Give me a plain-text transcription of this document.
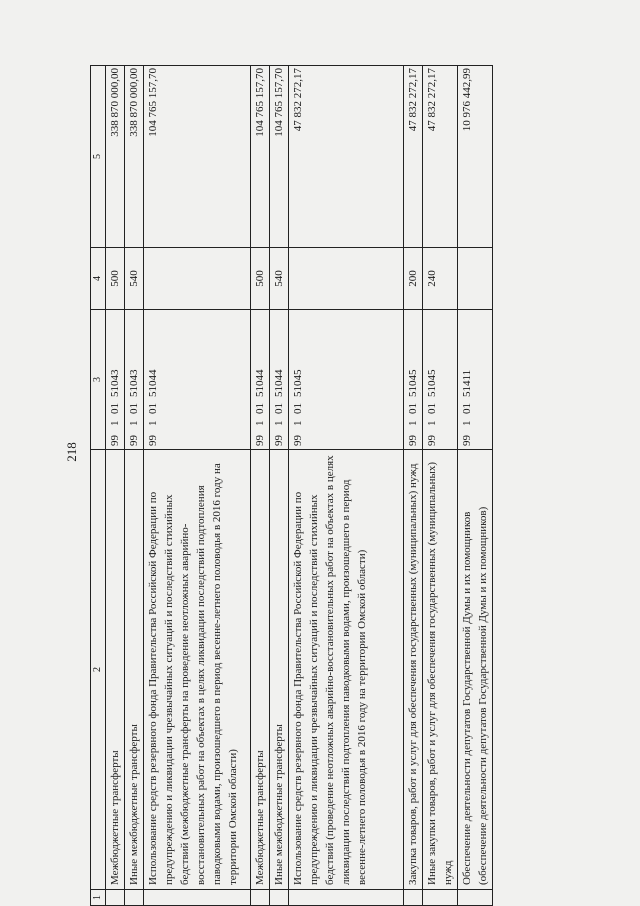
218
1	2	3	4	5
	Межбюджетные трансферты	9910151043	500	338 870 000,00
	Иные межбюджетные трансферты	9910151043	540	338 870 000,00
	Использование средств резервного фонда Правительства Российской Федерации по предупреждению и ликвидации чрезвычайных ситуаций и последствий стихийных бедствий (межбюджетные трансферты на проведение неотложных аварийно-восстановительных работ на объектах в целях ликвидации последствий подтопления паводковыми водами, произошедшего в период весенне-летнего половодья в 2016 году на территории Омской области)	9910151044		104 765 157,70
	Межбюджетные трансферты	9910151044	500	104 765 157,70
	Иные межбюджетные трансферты	9910151044	540	104 765 157,70
	Использование средств резервного фонда Правительства Российской Федерации по предупреждению и ликвидации чрезвычайных ситуаций и последствий стихийных бедствий (проведение неотложных аварийно-восстановительных работ на объектах в целях ликвидации последствий подтопления паводковыми водами, произошедшего в период весенне-летнего половодья в 2016 году на территории Омской области)	9910151045		47 832 272,17
	Закупка товаров, работ и услуг для обеспечения государственных (муниципальных) нужд	9910151045	200	47 832 272,17
	Иные закупки товаров, работ и услуг для обеспечения государственных (муниципальных) нужд	9910151045	240	47 832 272,17
	Обеспечение деятельности депутатов Государственной Думы и их помощников (обеспечение деятельности депутатов Государственной Думы и их помощников)	9910151411		10 976 442,99
